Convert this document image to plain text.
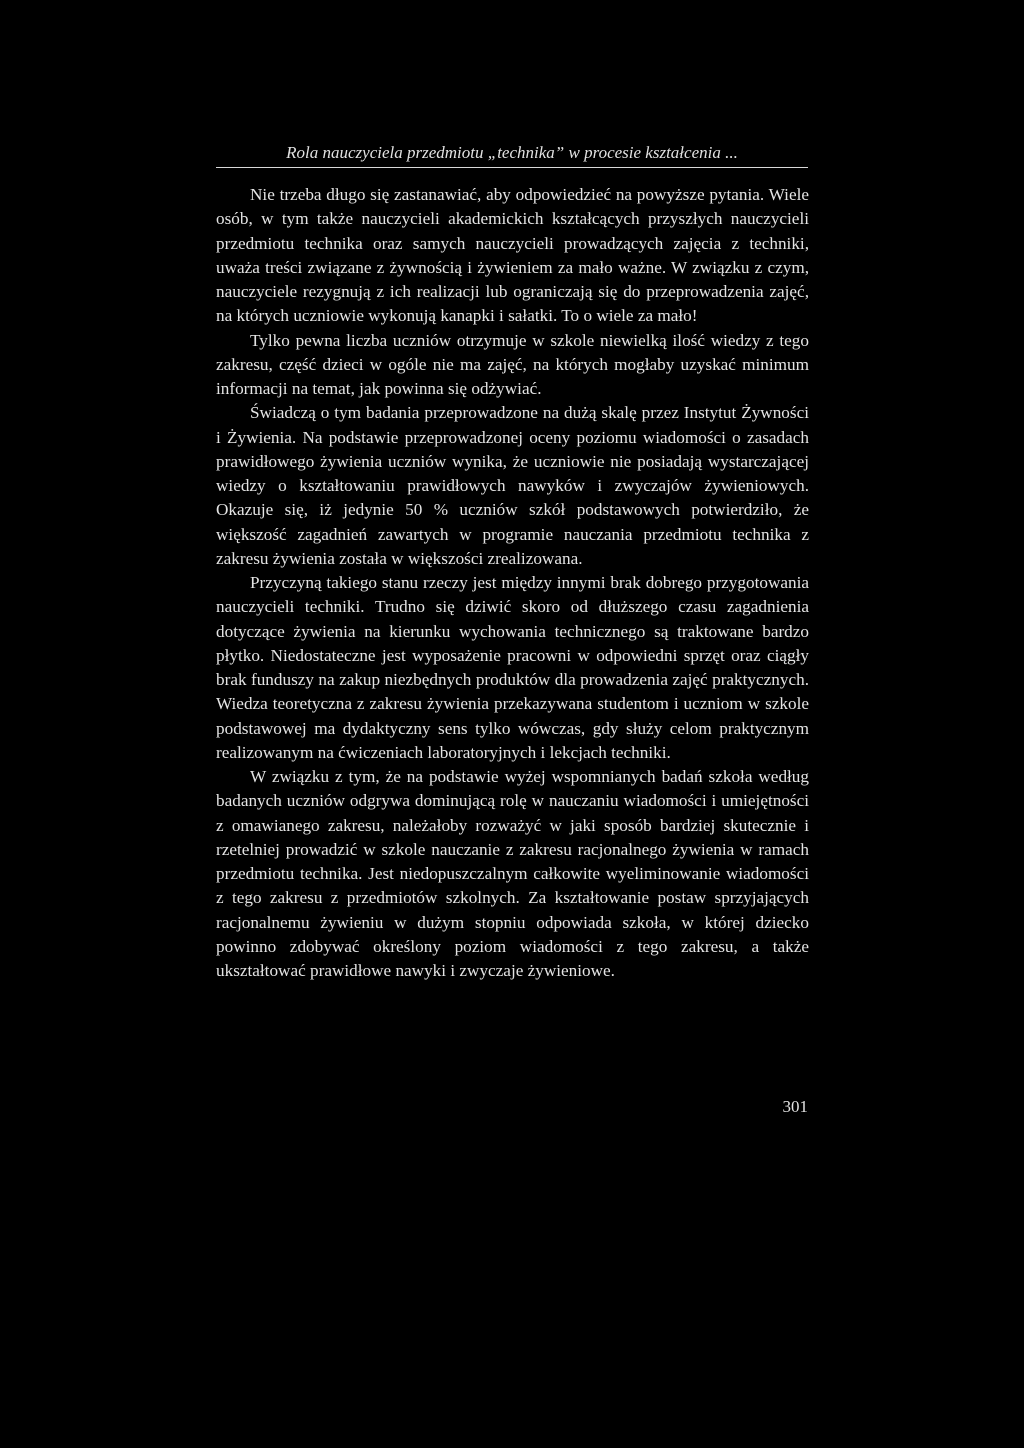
Rola nauczyciela przedmiotu „technika” w procesie kształcenia ...

Nie trzeba długo się zastanawiać, aby odpowiedzieć na powyższe pytania. Wiele osób, w tym także nauczycieli akademickich kształcących przyszłych nauczycieli przedmiotu technika oraz samych nauczycieli prowadzących zajęcia z techniki, uważa treści związane z żywnością i żywieniem za mało ważne. W związku z czym, nauczyciele rezygnują z ich realizacji lub ograniczają się do przeprowadzenia zajęć, na których uczniowie wykonują kanapki i sałatki. To o wiele za mało!

Tylko pewna liczba uczniów otrzymuje w szkole niewielką ilość wiedzy z tego zakresu, część dzieci w ogóle nie ma zajęć, na których mogłaby uzyskać minimum informacji na temat, jak powinna się odżywiać.

Świadczą o tym badania przeprowadzone na dużą skalę przez Instytut Żywności i Żywienia. Na podstawie przeprowadzonej oceny poziomu wiadomości o zasadach prawidłowego żywienia uczniów wynika, że uczniowie nie posiadają wystarczającej wiedzy o kształtowaniu prawidłowych nawyków i zwyczajów żywieniowych. Okazuje się, iż jedynie 50 % uczniów szkół podstawowych potwierdziło, że większość zagadnień zawartych w programie nauczania przedmiotu technika z zakresu żywienia została w większości zrealizowana.

Przyczyną takiego stanu rzeczy jest między innymi brak dobrego przygotowania nauczycieli techniki. Trudno się dziwić skoro od dłuższego czasu zagadnienia dotyczące żywienia na kierunku wychowania technicznego są traktowane bardzo płytko. Niedostateczne jest wyposażenie pracowni w odpowiedni sprzęt oraz ciągły brak funduszy na zakup niezbędnych produktów dla prowadzenia zajęć praktycznych. Wiedza teoretyczna z zakresu żywienia przekazywana studentom i uczniom w szkole podstawowej ma dydaktyczny sens tylko wówczas, gdy służy celom praktycznym realizowanym na ćwiczeniach laboratoryjnych i lekcjach techniki.

W związku z tym, że na podstawie wyżej wspomnianych badań szkoła według badanych uczniów odgrywa dominującą rolę w nauczaniu wiadomości i umiejętności z omawianego zakresu, należałoby rozważyć w jaki sposób bardziej skutecznie i rzetelniej prowadzić w szkole nauczanie z zakresu racjonalnego żywienia w ramach przedmiotu technika. Jest niedopuszczalnym całkowite wyeliminowanie wiadomości z tego zakresu z przedmiotów szkolnych. Za kształtowanie postaw sprzyjających racjonalnemu żywieniu w dużym stopniu odpowiada szkoła, w której dziecko powinno zdobywać określony poziom wiadomości z tego zakresu, a także ukształtować prawidłowe nawyki i zwyczaje żywieniowe.

301
